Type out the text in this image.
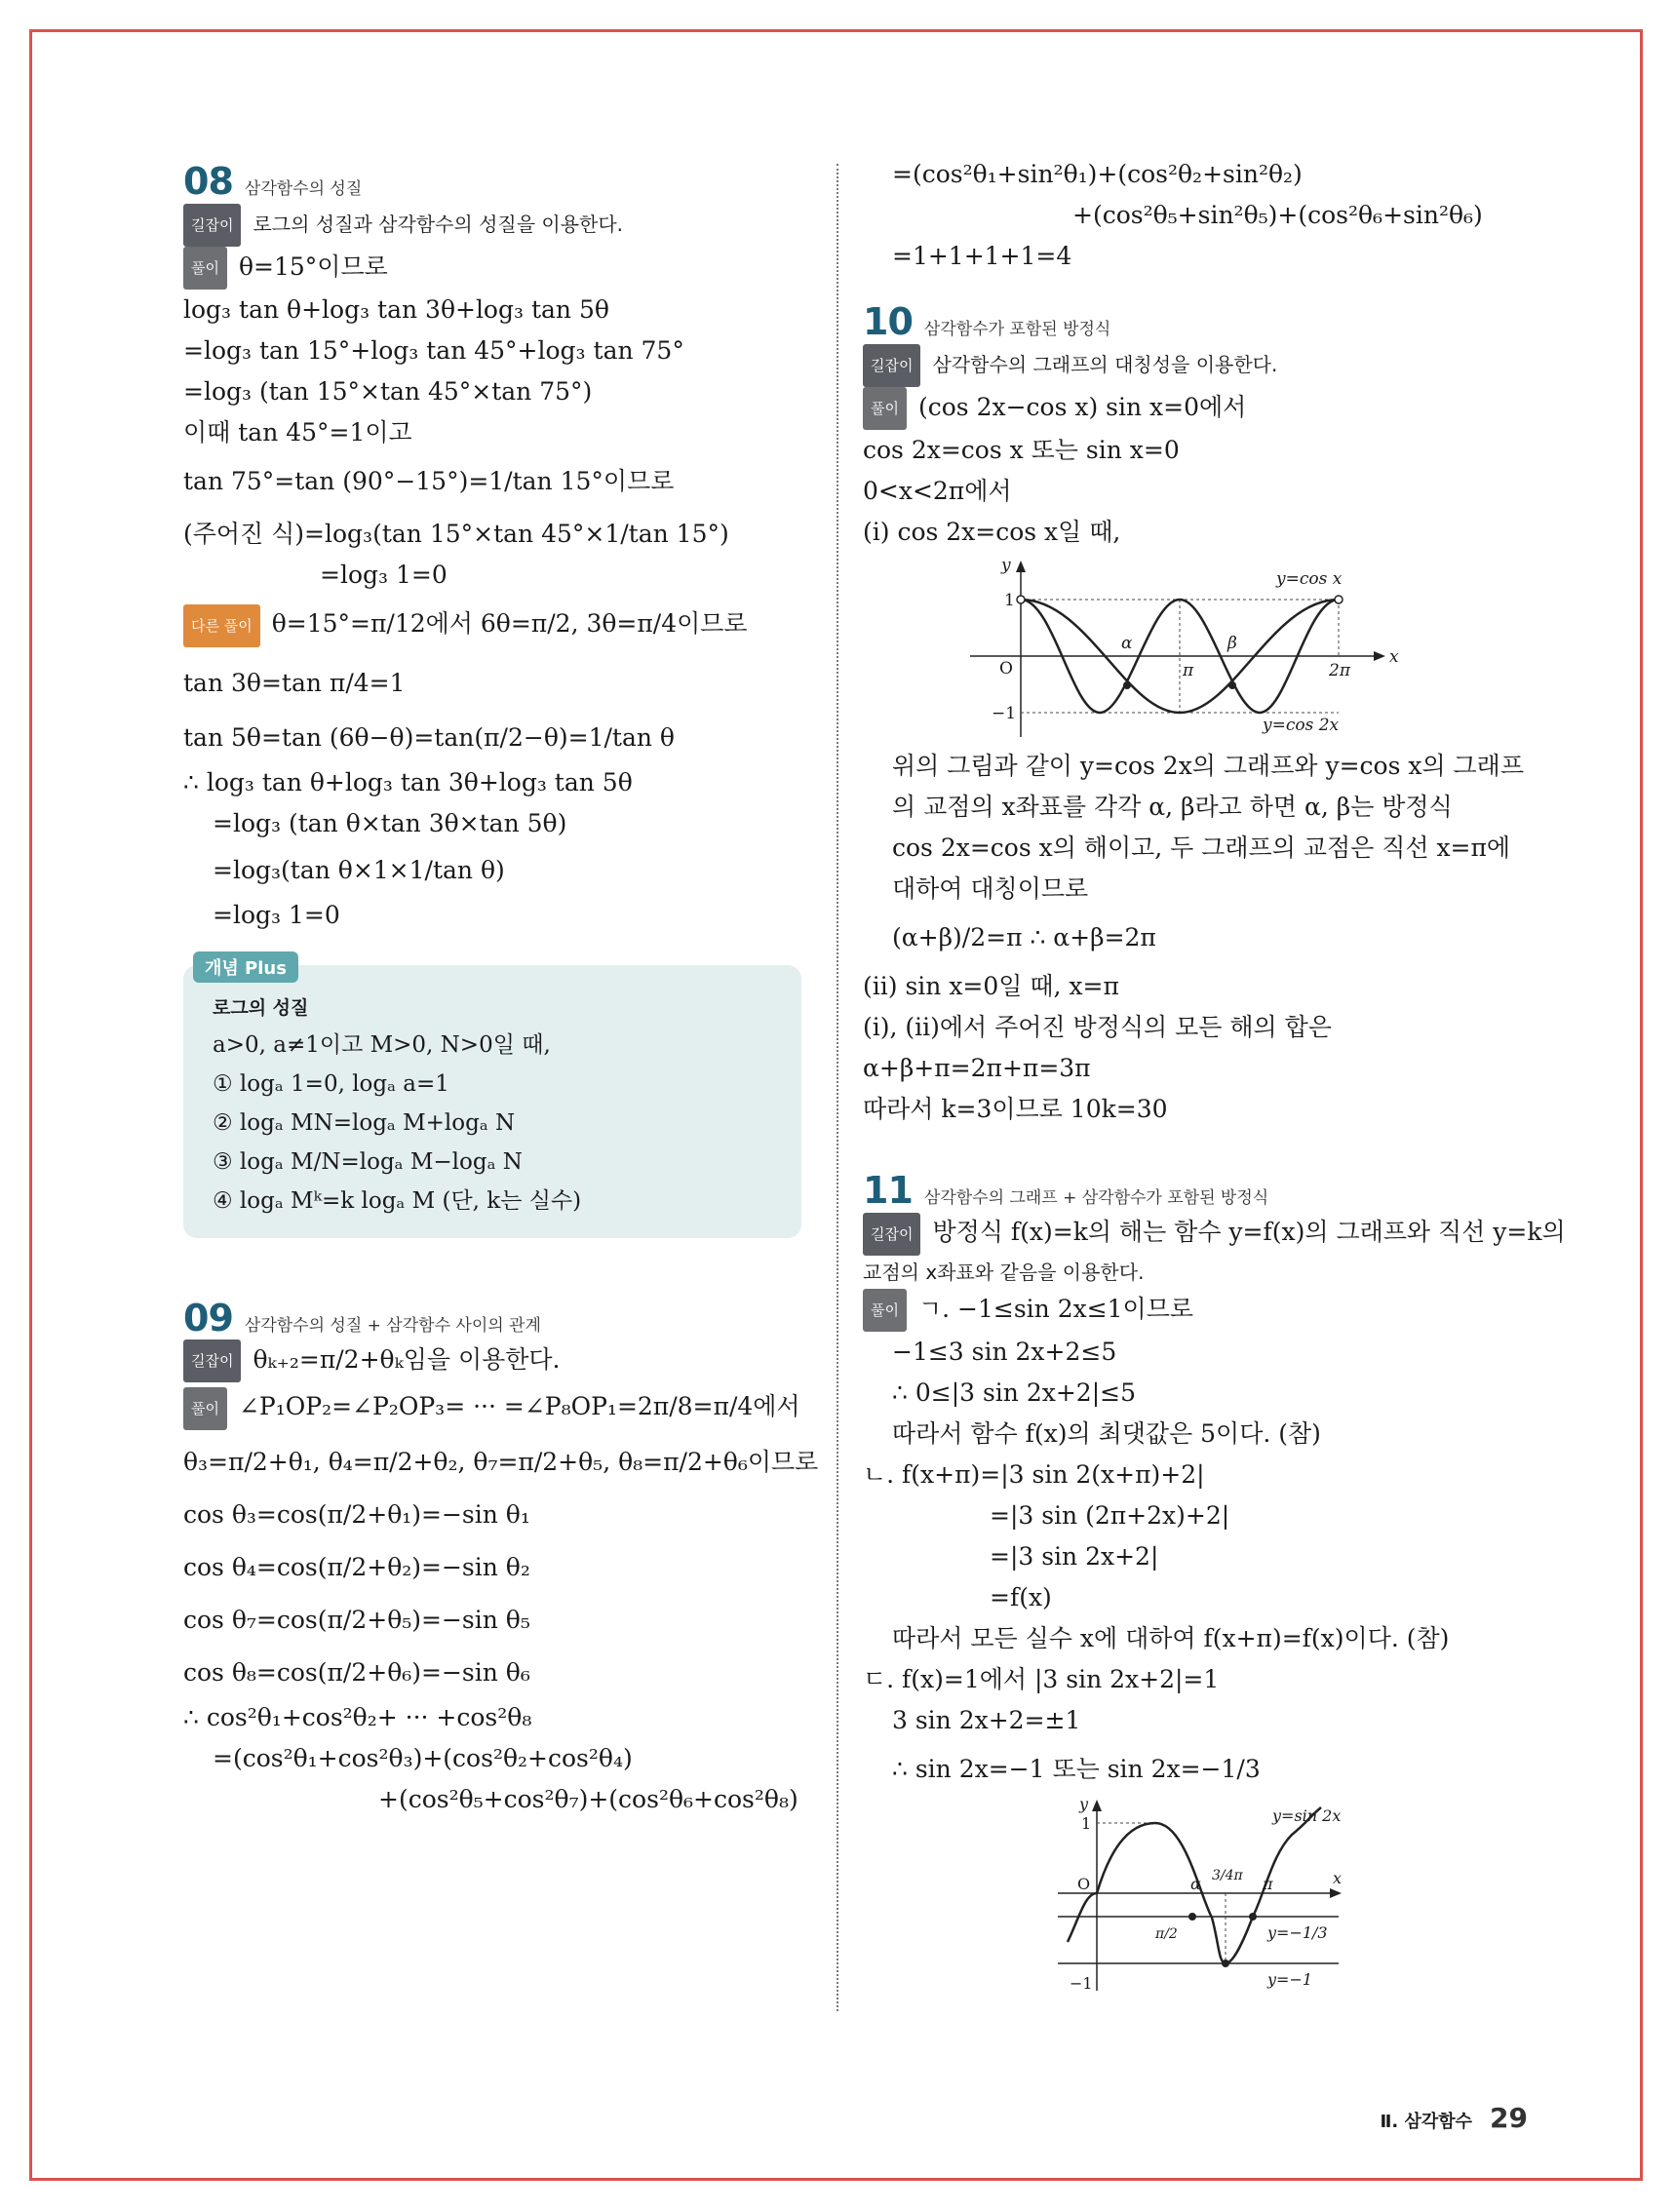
08 삼각함수의 성질
길잡이 로그의 성질과 삼각함수의 성질을 이용한다.
풀이 θ=15°이므로
log₃ tan θ+log₃ tan 3θ+log₃ tan 5θ
=log₃ tan 15°+log₃ tan 45°+log₃ tan 75°
=log₃ (tan 15°×tan 45°×tan 75°)
이때 tan 45°=1이고
tan 75°=tan (90°−15°)=1/tan 15°이므로
(주어진 식)=log₃(tan 15°×tan 45°×1/tan 15°)
=log₃ 1=0
다른 풀이 θ=15°=π/12에서 6θ=π/2, 3θ=π/4이므로
tan 3θ=tan π/4=1
tan 5θ=tan (6θ−θ)=tan(π/2−θ)=1/tan θ
∴ log₃ tan θ+log₃ tan 3θ+log₃ tan 5θ
=log₃ (tan θ×tan 3θ×tan 5θ)
=log₃(tan θ×1×1/tan θ)
=log₃ 1=0
개념 Plus
로그의 성질
a>0, a≠1이고 M>0, N>0일 때,
① logₐ 1=0, logₐ a=1
② logₐ MN=logₐ M+logₐ N
③ logₐ M/N=logₐ M−logₐ N
④ logₐ Mᵏ=k logₐ M (단, k는 실수)
09 삼각함수의 성질 + 삼각함수 사이의 관계
길잡이 θₖ₊₂=π/2+θₖ임을 이용한다.
풀이 ∠P₁OP₂=∠P₂OP₃= ··· =∠P₈OP₁=2π/8=π/4에서
θ₃=π/2+θ₁, θ₄=π/2+θ₂, θ₇=π/2+θ₅, θ₈=π/2+θ₆이므로
cos θ₃=cos(π/2+θ₁)=−sin θ₁
cos θ₄=cos(π/2+θ₂)=−sin θ₂
cos θ₇=cos(π/2+θ₅)=−sin θ₅
cos θ₈=cos(π/2+θ₆)=−sin θ₆
∴ cos²θ₁+cos²θ₂+ ··· +cos²θ₈
=(cos²θ₁+cos²θ₃)+(cos²θ₂+cos²θ₄)
+(cos²θ₅+cos²θ₇)+(cos²θ₆+cos²θ₈)
=(cos²θ₁+sin²θ₁)+(cos²θ₂+sin²θ₂)
+(cos²θ₅+sin²θ₅)+(cos²θ₆+sin²θ₆)
=1+1+1+1=4
10 삼각함수가 포함된 방정식
길잡이 삼각함수의 그래프의 대칭성을 이용한다.
풀이 (cos 2x−cos x) sin x=0에서
cos 2x=cos x 또는 sin x=0
0<x<2π에서
(ⅰ) cos 2x=cos x일 때,
y
x
O
1
−1
α
π
β
2π
y=cos x
y=cos 2x
위의 그림과 같이 y=cos 2x의 그래프와 y=cos x의 그래프
의 교점의 x좌표를 각각 α, β라고 하면 α, β는 방정식
cos 2x=cos x의 해이고, 두 그래프의 교점은 직선 x=π에
대하여 대칭이므로
(α+β)/2=π ∴ α+β=2π
(ⅱ) sin x=0일 때, x=π
(ⅰ), (ⅱ)에서 주어진 방정식의 모든 해의 합은
α+β+π=2π+π=3π
따라서 k=3이므로 10k=30
11 삼각함수의 그래프 + 삼각함수가 포함된 방정식
길잡이 방정식 f(x)=k의 해는 함수 y=f(x)의 그래프와 직선 y=k의
교점의 x좌표와 같음을 이용한다.
풀이 ㄱ. −1≤sin 2x≤1이므로
−1≤3 sin 2x+2≤5
∴ 0≤|3 sin 2x+2|≤5
따라서 함수 f(x)의 최댓값은 5이다. (참)
ㄴ. f(x+π)=|3 sin 2(x+π)+2|
=|3 sin (2π+2x)+2|
=|3 sin 2x+2|
=f(x)
따라서 모든 실수 x에 대하여 f(x+π)=f(x)이다. (참)
ㄷ. f(x)=1에서 |3 sin 2x+2|=1
3 sin 2x+2=±1
∴ sin 2x=−1 또는 sin 2x=−1/3
y
x
O
1
−1
α 3/4π π
π/2
y=sin 2x
y=−1/3
y=−1
Ⅱ. 삼각함수 29
